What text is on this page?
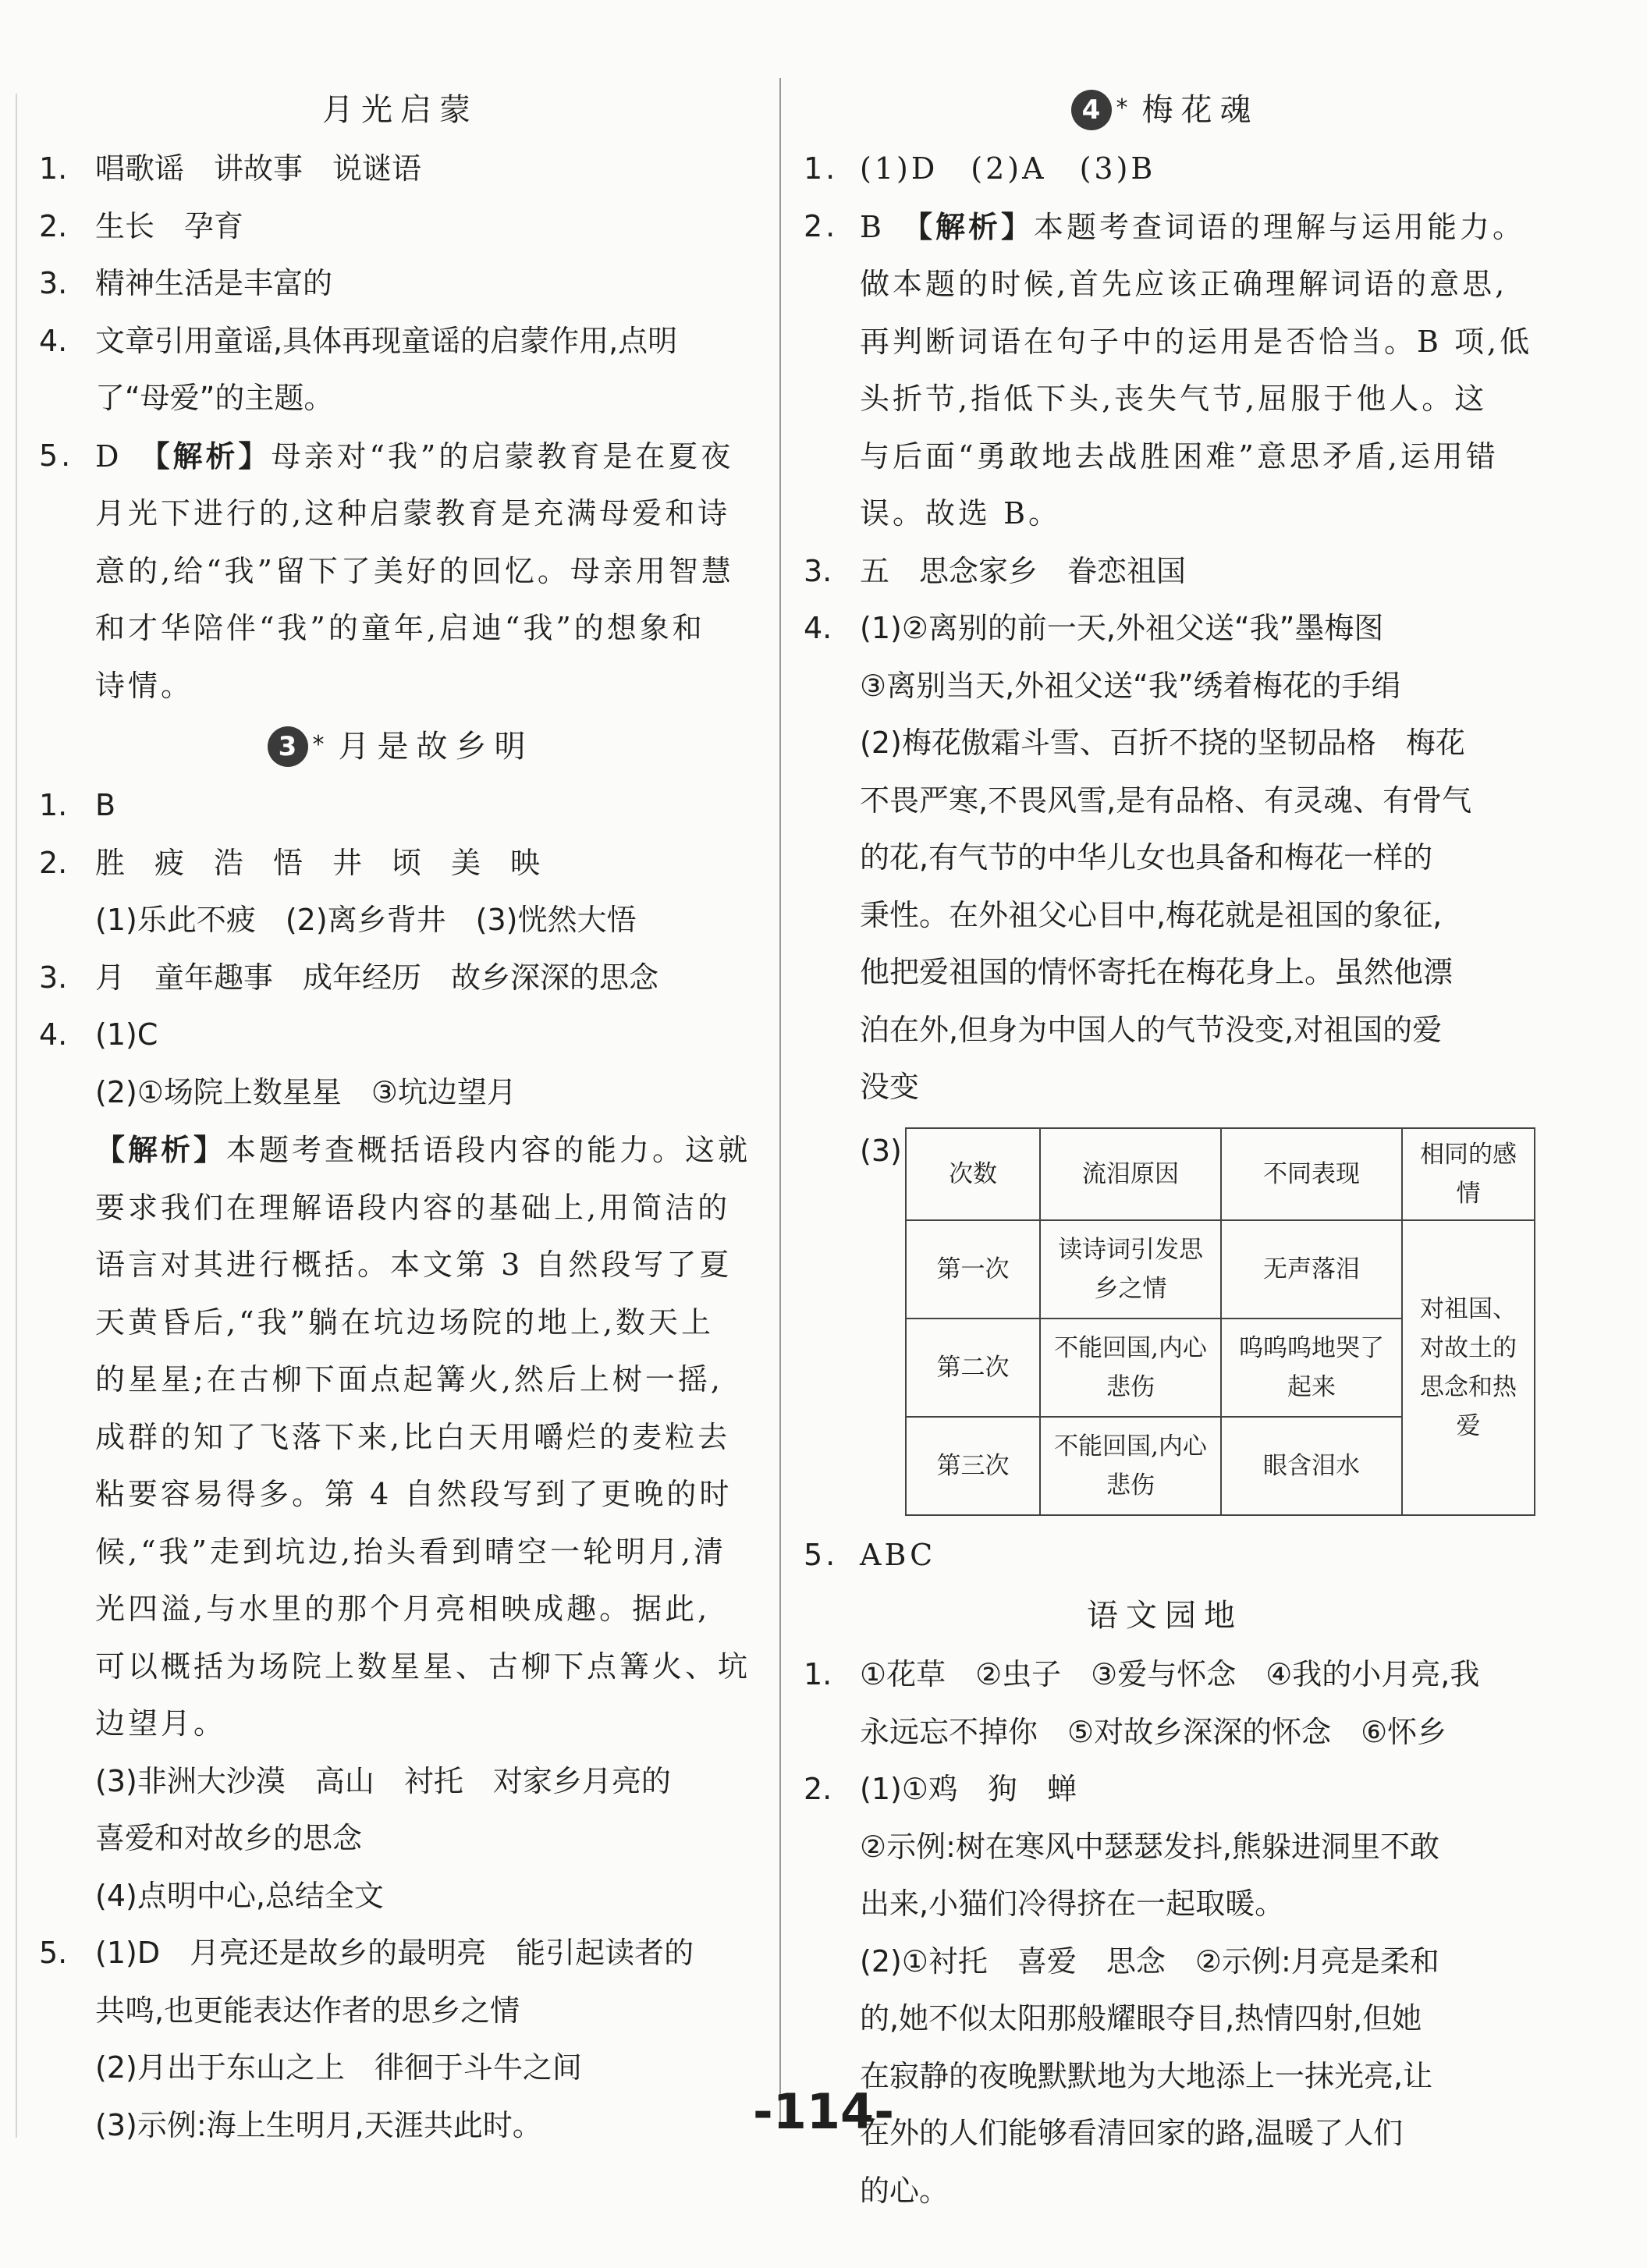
月光启蒙
1. 唱歌谣　讲故事　说谜语
2. 生长　孕育
3. 精神生活是丰富的
4. 文章引用童谣,具体再现童谣的启蒙作用,点明
了“母爱”的主题。
5. D　 【解析】母亲对“我”的启蒙教育是在夏夜
月光下进行的,这种启蒙教育是充满母爱和诗
意的,给“我”留下了美好的回忆。母亲用智慧
和才华陪伴“我”的童年,启迪“我”的想象和
诗情。
3 * 月是故乡明
1. B
2. 胜　疲　浩　悟　井　顷　美　映
(1)乐此不疲　(2)离乡背井　(3)恍然大悟
3. 月　童年趣事　成年经历　故乡深深的思念
4. (1)C
(2)①场院上数星星　③坑边望月
【解析】本题考查概括语段内容的能力。这就
要求我们在理解语段内容的基础上,用简洁的
语言对其进行概括。本文第 3 自然段写了夏
天黄昏后,“我”躺在坑边场院的地上,数天上
的星星;在古柳下面点起篝火,然后上树一摇,
成群的知了飞落下来,比白天用嚼烂的麦粒去
粘要容易得多。第 4 自然段写到了更晚的时
候,“我”走到坑边,抬头看到晴空一轮明月,清
光四溢,与水里的那个月亮相映成趣。据此,
可以概括为场院上数星星、古柳下点篝火、坑
边望月。
(3)非洲大沙漠　高山　衬托　对家乡月亮的
喜爱和对故乡的思念
(4)点明中心,总结全文
5. (1)D　月亮还是故乡的最明亮　能引起读者的
共鸣,也更能表达作者的思乡之情
(2)月出于东山之上　徘徊于斗牛之间
(3)示例:海上生明月,天涯共此时。
4 * 梅花魂
1. (1)D　(2)A　(3)B
2. B　 【解析】本题考查词语的理解与运用能力。
做本题的时候,首先应该正确理解词语的意思,
再判断词语在句子中的运用是否恰当。B 项,低
头折节,指低下头,丧失气节,屈服于他人。这
与后面“勇敢地去战胜困难”意思矛盾,运用错
误。故选 B。
3. 五　思念家乡　眷恋祖国
4. (1)②离别的前一天,外祖父送“我”墨梅图
③离别当天,外祖父送“我”绣着梅花的手绢
(2)梅花傲霜斗雪、百折不挠的坚韧品格　梅花
不畏严寒,不畏风雪,是有品格、有灵魂、有骨气
的花,有气节的中华儿女也具备和梅花一样的
秉性。在外祖父心目中,梅花就是祖国的象征,
他把爱祖国的情怀寄托在梅花身上。虽然他漂
泊在外,但身为中国人的气节没变,对祖国的爱
没变
(3)
次数	流泪原因	不同表现	相同的感情
第一次	读诗词引发思乡之情	无声落泪	对祖国、对故土的思念和热爱
第二次	不能回国,内心悲伤	呜呜呜地哭了起来	
第三次	不能回国,内心悲伤	眼含泪水	
5. ABC
语文园地
1. ①花草　②虫子　③爱与怀念　④我的小月亮,我
永远忘不掉你　⑤对故乡深深的怀念　⑥怀乡
2. (1)①鸡　狗　蝉
②示例:树在寒风中瑟瑟发抖,熊躲进洞里不敢
出来,小猫们冷得挤在一起取暖。
(2)①衬托　喜爱　思念　②示例:月亮是柔和
的,她不似太阳那般耀眼夺目,热情四射,但她
在寂静的夜晚默默地为大地添上一抹光亮,让
在外的人们能够看清回家的路,温暖了人们
的心。
-114-
